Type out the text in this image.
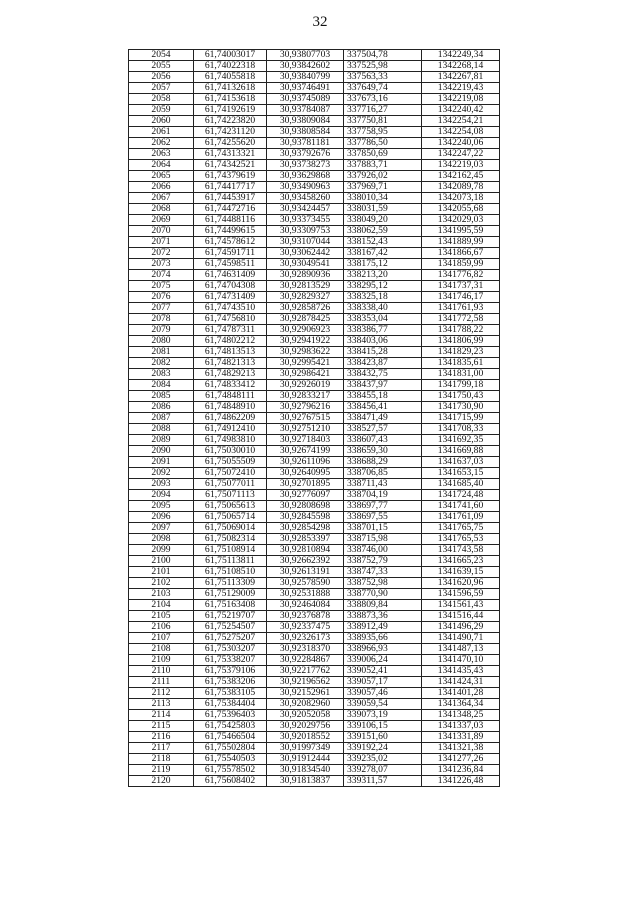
32
2054	61,74003017	30,93807703	337504,78	1342249,34
2055	61,74022318	30,93842602	337525,98	1342268,14
2056	61,74055818	30,93840799	337563,33	1342267,81
2057	61,74132618	30,93746491	337649,74	1342219,43
2058	61,74153618	30,93745089	337673,16	1342219,08
2059	61,74192619	30,93784087	337716,27	1342240,42
2060	61,74223820	30,93809084	337750,81	1342254,21
2061	61,74231120	30,93808584	337758,95	1342254,08
2062	61,74255620	30,93781181	337786,50	1342240,06
2063	61,74313321	30,93792676	337850,69	1342247,22
2064	61,74342521	30,93738273	337883,71	1342219,03
2065	61,74379619	30,93629868	337926,02	1342162,45
2066	61,74417717	30,93490963	337969,71	1342089,78
2067	61,74453917	30,93458260	338010,34	1342073,18
2068	61,74472716	30,93424457	338031,59	1342055,68
2069	61,74488116	30,93373455	338049,20	1342029,03
2070	61,74499615	30,93309753	338062,59	1341995,59
2071	61,74578612	30,93107044	338152,43	1341889,99
2072	61,74591711	30,93062442	338167,42	1341866,67
2073	61,74598511	30,93049541	338175,12	1341859,99
2074	61,74631409	30,92890936	338213,20	1341776,82
2075	61,74704308	30,92813529	338295,12	1341737,31
2076	61,74731409	30,92829327	338325,18	1341746,17
2077	61,74743510	30,92858726	338338,40	1341761,93
2078	61,74756810	30,92878425	338353,04	1341772,58
2079	61,74787311	30,92906923	338386,77	1341788,22
2080	61,74802212	30,92941922	338403,06	1341806,99
2081	61,74813513	30,92983622	338415,28	1341829,23
2082	61,74821313	30,92995421	338423,87	1341835,61
2083	61,74829213	30,92986421	338432,75	1341831,00
2084	61,74833412	30,92926019	338437,97	1341799,18
2085	61,74848111	30,92833217	338455,18	1341750,43
2086	61,74848910	30,92796216	338456,41	1341730,90
2087	61,74862209	30,92767515	338471,49	1341715,99
2088	61,74912410	30,92751210	338527,57	1341708,33
2089	61,74983810	30,92718403	338607,43	1341692,35
2090	61,75030010	30,92674199	338659,30	1341669,88
2091	61,75055509	30,92611096	338688,29	1341637,03
2092	61,75072410	30,92640995	338706,85	1341653,15
2093	61,75077011	30,92701895	338711,43	1341685,40
2094	61,75071113	30,92776097	338704,19	1341724,48
2095	61,75065613	30,92808698	338697,77	1341741,60
2096	61,75065714	30,92845598	338697,55	1341761,09
2097	61,75069014	30,92854298	338701,15	1341765,75
2098	61,75082314	30,92853397	338715,98	1341765,53
2099	61,75108914	30,92810894	338746,00	1341743,58
2100	61,75113811	30,92662392	338752,79	1341665,23
2101	61,75108510	30,92613191	338747,33	1341639,15
2102	61,75113309	30,92578590	338752,98	1341620,96
2103	61,75129009	30,92531888	338770,90	1341596,59
2104	61,75163408	30,92464084	338809,84	1341561,43
2105	61,75219707	30,92376878	338873,36	1341516,44
2106	61,75254507	30,92337475	338912,49	1341496,29
2107	61,75275207	30,92326173	338935,66	1341490,71
2108	61,75303207	30,92318370	338966,93	1341487,13
2109	61,75338207	30,92284867	339006,24	1341470,10
2110	61,75379106	30,92217762	339052,41	1341435,43
2111	61,75383206	30,92196562	339057,17	1341424,31
2112	61,75383105	30,92152961	339057,46	1341401,28
2113	61,75384404	30,92082960	339059,54	1341364,34
2114	61,75396403	30,92052058	339073,19	1341348,25
2115	61,75425803	30,92029756	339106,15	1341337,03
2116	61,75466504	30,92018552	339151,60	1341331,89
2117	61,75502804	30,91997349	339192,24	1341321,38
2118	61,75540503	30,91912444	339235,02	1341277,26
2119	61,75578502	30,91834540	339278,07	1341236,84
2120	61,75608402	30,91813837	339311,57	1341226,48
